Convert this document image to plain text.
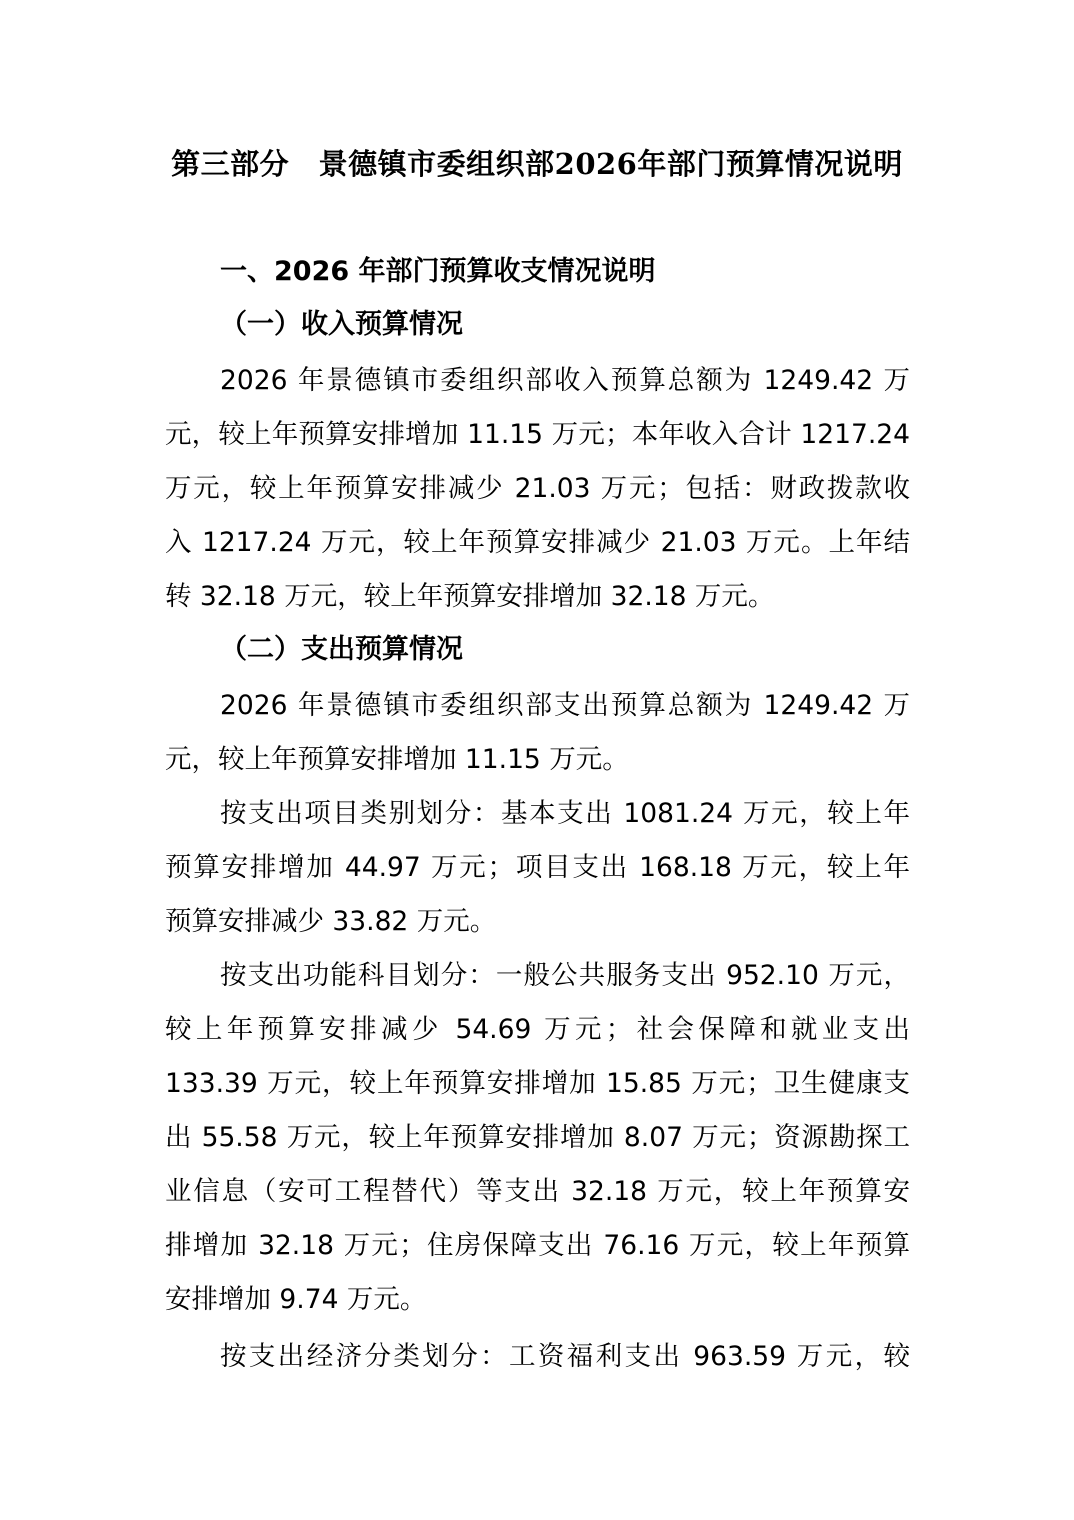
第三部分　景德镇市委组织部2026年部门预算情况说明
一、2026 年部门预算收支情况说明
（一）收入预算情况
2026 年景德镇市委组织部收入预算总额为 1249.42 万
元，较上年预算安排增加 11.15 万元；本年收入合计 1217.24
万元，较上年预算安排减少 21.03 万元；包括：财政拨款收
入 1217.24 万元，较上年预算安排减少 21.03 万元。上年结
转 32.18 万元，较上年预算安排增加 32.18 万元。
（二）支出预算情况
2026 年景德镇市委组织部支出预算总额为 1249.42 万
元，较上年预算安排增加 11.15 万元。
按支出项目类别划分：基本支出 1081.24 万元，较上年
预算安排增加 44.97 万元；项目支出 168.18 万元，较上年
预算安排减少 33.82 万元。
按支出功能科目划分：一般公共服务支出 952.10 万元，
较上年预算安排减少 54.69 万元；社会保障和就业支出
133.39 万元，较上年预算安排增加 15.85 万元；卫生健康支
出 55.58 万元，较上年预算安排增加 8.07 万元；资源勘探工
业信息（安可工程替代）等支出 32.18 万元，较上年预算安
排增加 32.18 万元；住房保障支出 76.16 万元，较上年预算
安排增加 9.74 万元。
按支出经济分类划分：工资福利支出 963.59 万元，较
